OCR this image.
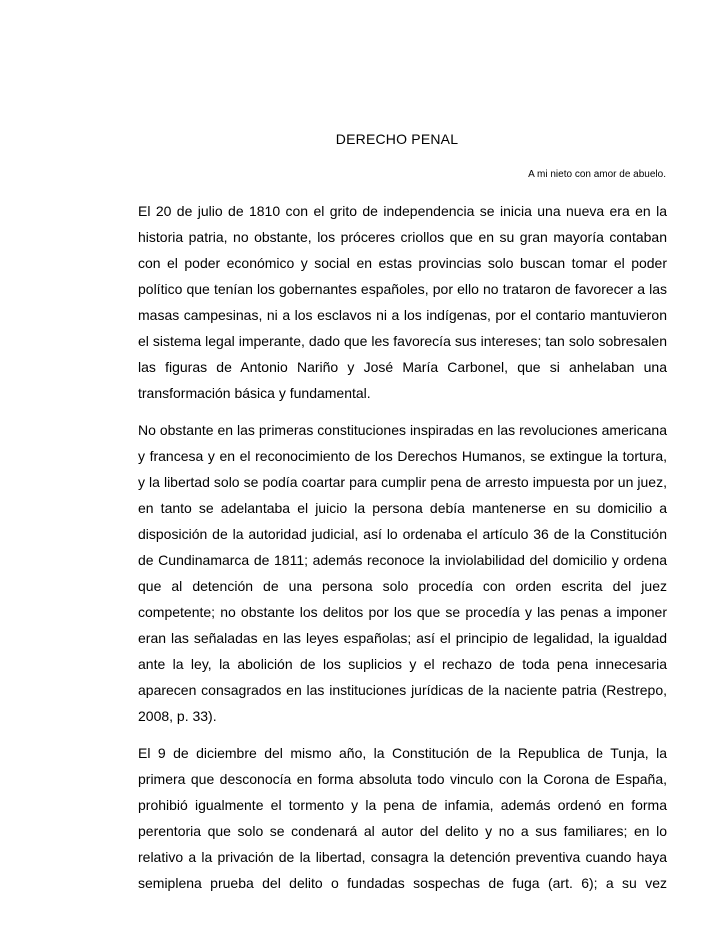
DERECHO PENAL
A mi nieto con amor de abuelo.

El 20 de julio de 1810 con el grito de independencia se inicia una nueva era en la historia patria, no obstante, los próceres criollos que en su gran mayoría contaban con el poder económico y social en estas provincias solo buscan tomar el poder político que tenían los gobernantes españoles, por ello no trataron de favorecer a las masas campesinas, ni a los esclavos ni a los indígenas, por el contario mantuvieron el sistema legal imperante, dado que les favorecía sus intereses; tan solo sobresalen las figuras de Antonio Nariño y José María Carbonel, que si anhelaban una transformación básica y fundamental.

No obstante en las primeras constituciones inspiradas en las revoluciones americana y francesa y en el reconocimiento de los Derechos Humanos, se extingue la tortura, y la libertad solo se podía coartar para cumplir pena de arresto impuesta por un juez, en tanto se adelantaba el juicio la persona debía mantenerse en su domicilio a disposición de la autoridad judicial, así lo ordenaba el artículo 36 de la Constitución de Cundinamarca de 1811; además reconoce la inviolabilidad del domicilio y ordena que al detención de una persona solo procedía con orden escrita del juez competente; no obstante los delitos por los que se procedía y las penas a imponer eran las señaladas en las leyes españolas; así el principio de legalidad, la igualdad ante la ley, la abolición de los suplicios y el rechazo de toda pena innecesaria aparecen consagrados en las instituciones jurídicas de la naciente patria (Restrepo, 2008, p. 33).

El 9 de diciembre del mismo año, la Constitución de la Republica de Tunja, la primera que desconocía en forma absoluta todo vinculo con la Corona de España, prohibió igualmente el tormento y la pena de infamia, además ordenó en forma perentoria que solo se condenará al autor del delito y no a sus familiares; en lo relativo a la privación de la libertad, consagra la detención preventiva cuando haya semiplena prueba del delito o fundadas sospechas de fuga (art. 6); a su vez
